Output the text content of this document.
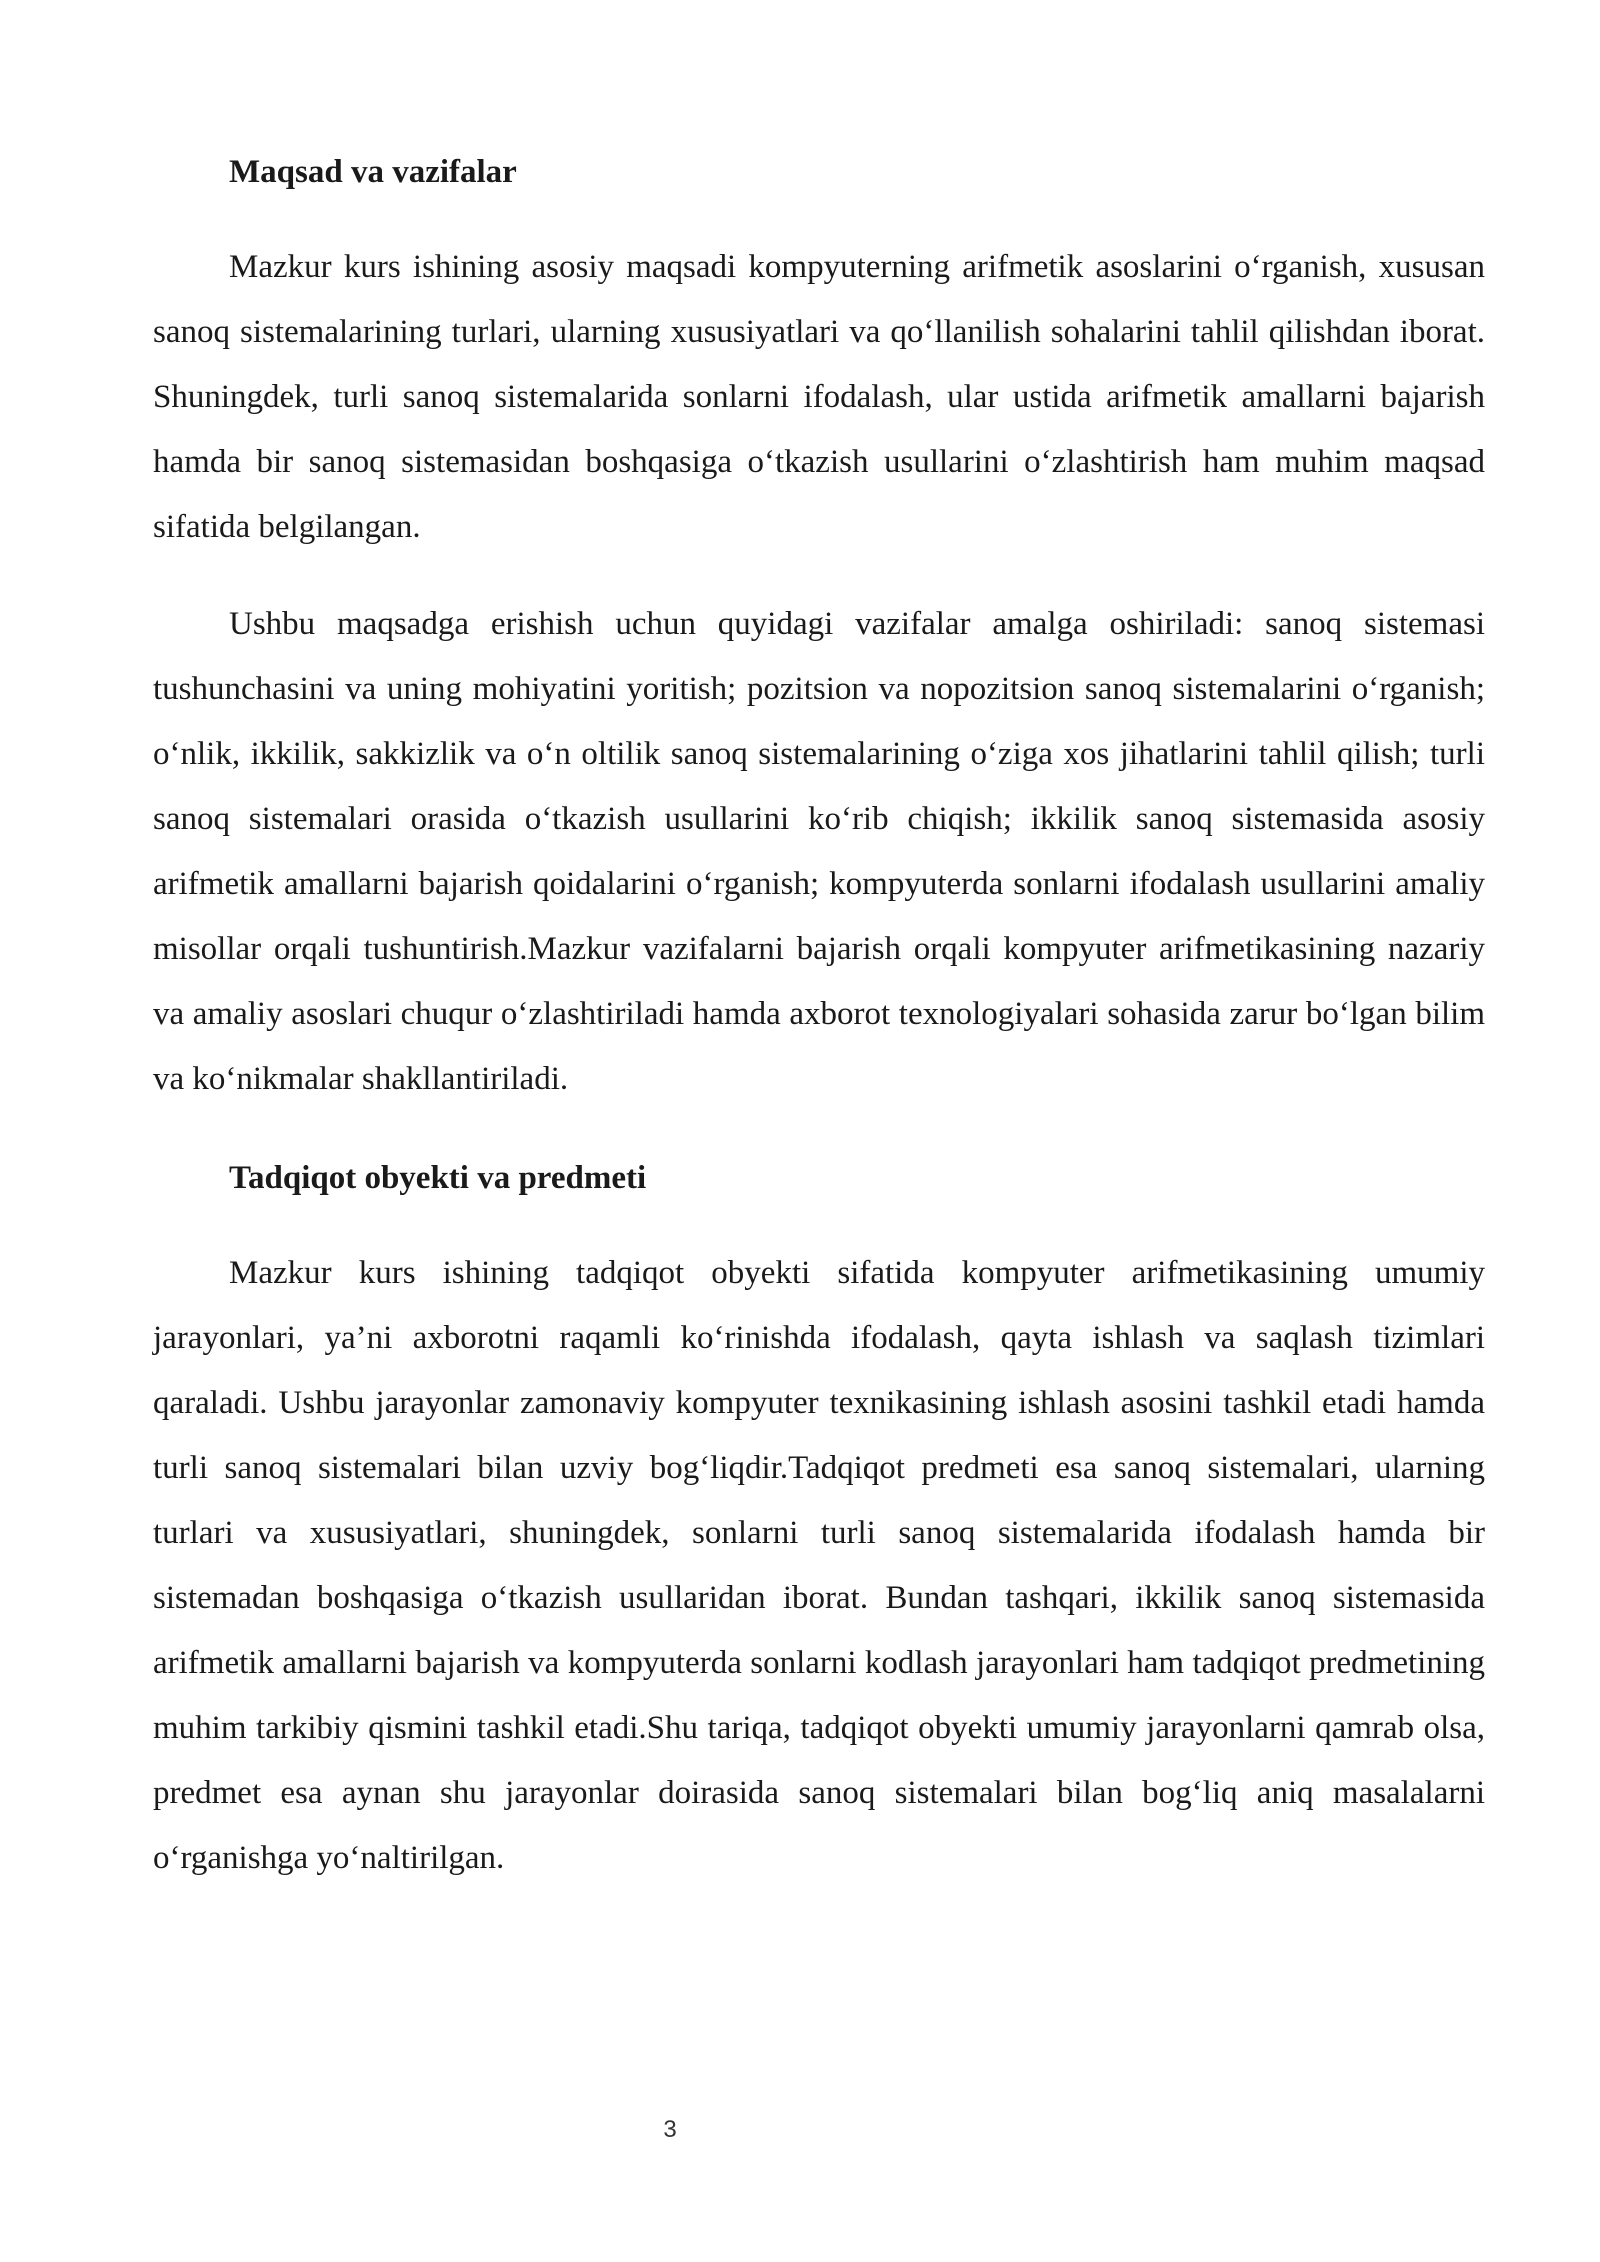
Maqsad va vazifalar

Mazkur kurs ishining asosiy maqsadi kompyuterning arifmetik asoslarini o‘rganish, xususan sanoq sistemalarining turlari, ularning xususiyatlari va qo‘llanilish sohalarini tahlil qilishdan iborat. Shuningdek, turli sanoq sistemalarida sonlarni ifodalash, ular ustida arifmetik amallarni bajarish hamda bir sanoq sistemasidan boshqasiga o‘tkazish usullarini o‘zlashtirish ham muhim maqsad sifatida belgilangan.

Ushbu maqsadga erishish uchun quyidagi vazifalar amalga oshiriladi: sanoq sistemasi tushunchasini va uning mohiyatini yoritish; pozitsion va nopozitsion sanoq sistemalarini o‘rganish; o‘nlik, ikkilik, sakkizlik va o‘n oltilik sanoq sistemalarining o‘ziga xos jihatlarini tahlil qilish; turli sanoq sistemalari orasida o‘tkazish usullarini ko‘rib chiqish; ikkilik sanoq sistemasida asosiy arifmetik amallarni bajarish qoidalarini o‘rganish; kompyuterda sonlarni ifodalash usullarini amaliy misollar orqali tushuntirish.Mazkur vazifalarni bajarish orqali kompyuter arifmetikasining nazariy va amaliy asoslari chuqur o‘zlashtiriladi hamda axborot texnologiyalari sohasida zarur bo‘lgan bilim va ko‘nikmalar shakllantiriladi.

Tadqiqot obyekti va predmeti

Mazkur kurs ishining tadqiqot obyekti sifatida kompyuter arifmetikasining umumiy jarayonlari, ya’ni axborotni raqamli ko‘rinishda ifodalash, qayta ishlash va saqlash tizimlari qaraladi. Ushbu jarayonlar zamonaviy kompyuter texnikasining ishlash asosini tashkil etadi hamda turli sanoq sistemalari bilan uzviy bog‘liqdir.Tadqiqot predmeti esa sanoq sistemalari, ularning turlari va xususiyatlari, shuningdek, sonlarni turli sanoq sistemalarida ifodalash hamda bir sistemadan boshqasiga o‘tkazish usullaridan iborat. Bundan tashqari, ikkilik sanoq sistemasida arifmetik amallarni bajarish va kompyuterda sonlarni kodlash jarayonlari ham tadqiqot predmetining muhim tarkibiy qismini tashkil etadi.Shu tariqa, tadqiqot obyekti umumiy jarayonlarni qamrab olsa, predmet esa aynan shu jarayonlar doirasida sanoq sistemalari bilan bog‘liq aniq masalalarni o‘rganishga yo‘naltirilgan.

3
